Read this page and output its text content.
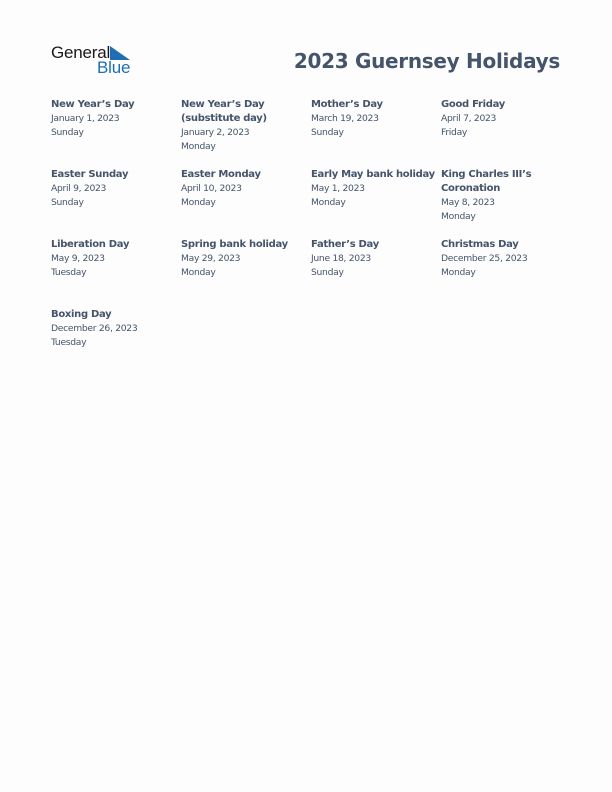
General
Blue	2023 Guernsey Holidays
New Year’s Day
January 1, 2023
Sunday
New Year’s Day
(substitute day)
January 2, 2023
Monday
Mother’s Day
March 19, 2023
Sunday
Good Friday
April 7, 2023
Friday
Easter Sunday
April 9, 2023
Sunday
Easter Monday
April 10, 2023
Monday
Early May bank holiday
May 1, 2023
Monday
King Charles III’s
Coronation
May 8, 2023
Monday
Liberation Day
May 9, 2023
Tuesday
Spring bank holiday
May 29, 2023
Monday
Father’s Day
June 18, 2023
Sunday
Christmas Day
December 25, 2023
Monday
Boxing Day
December 26, 2023
Tuesday
